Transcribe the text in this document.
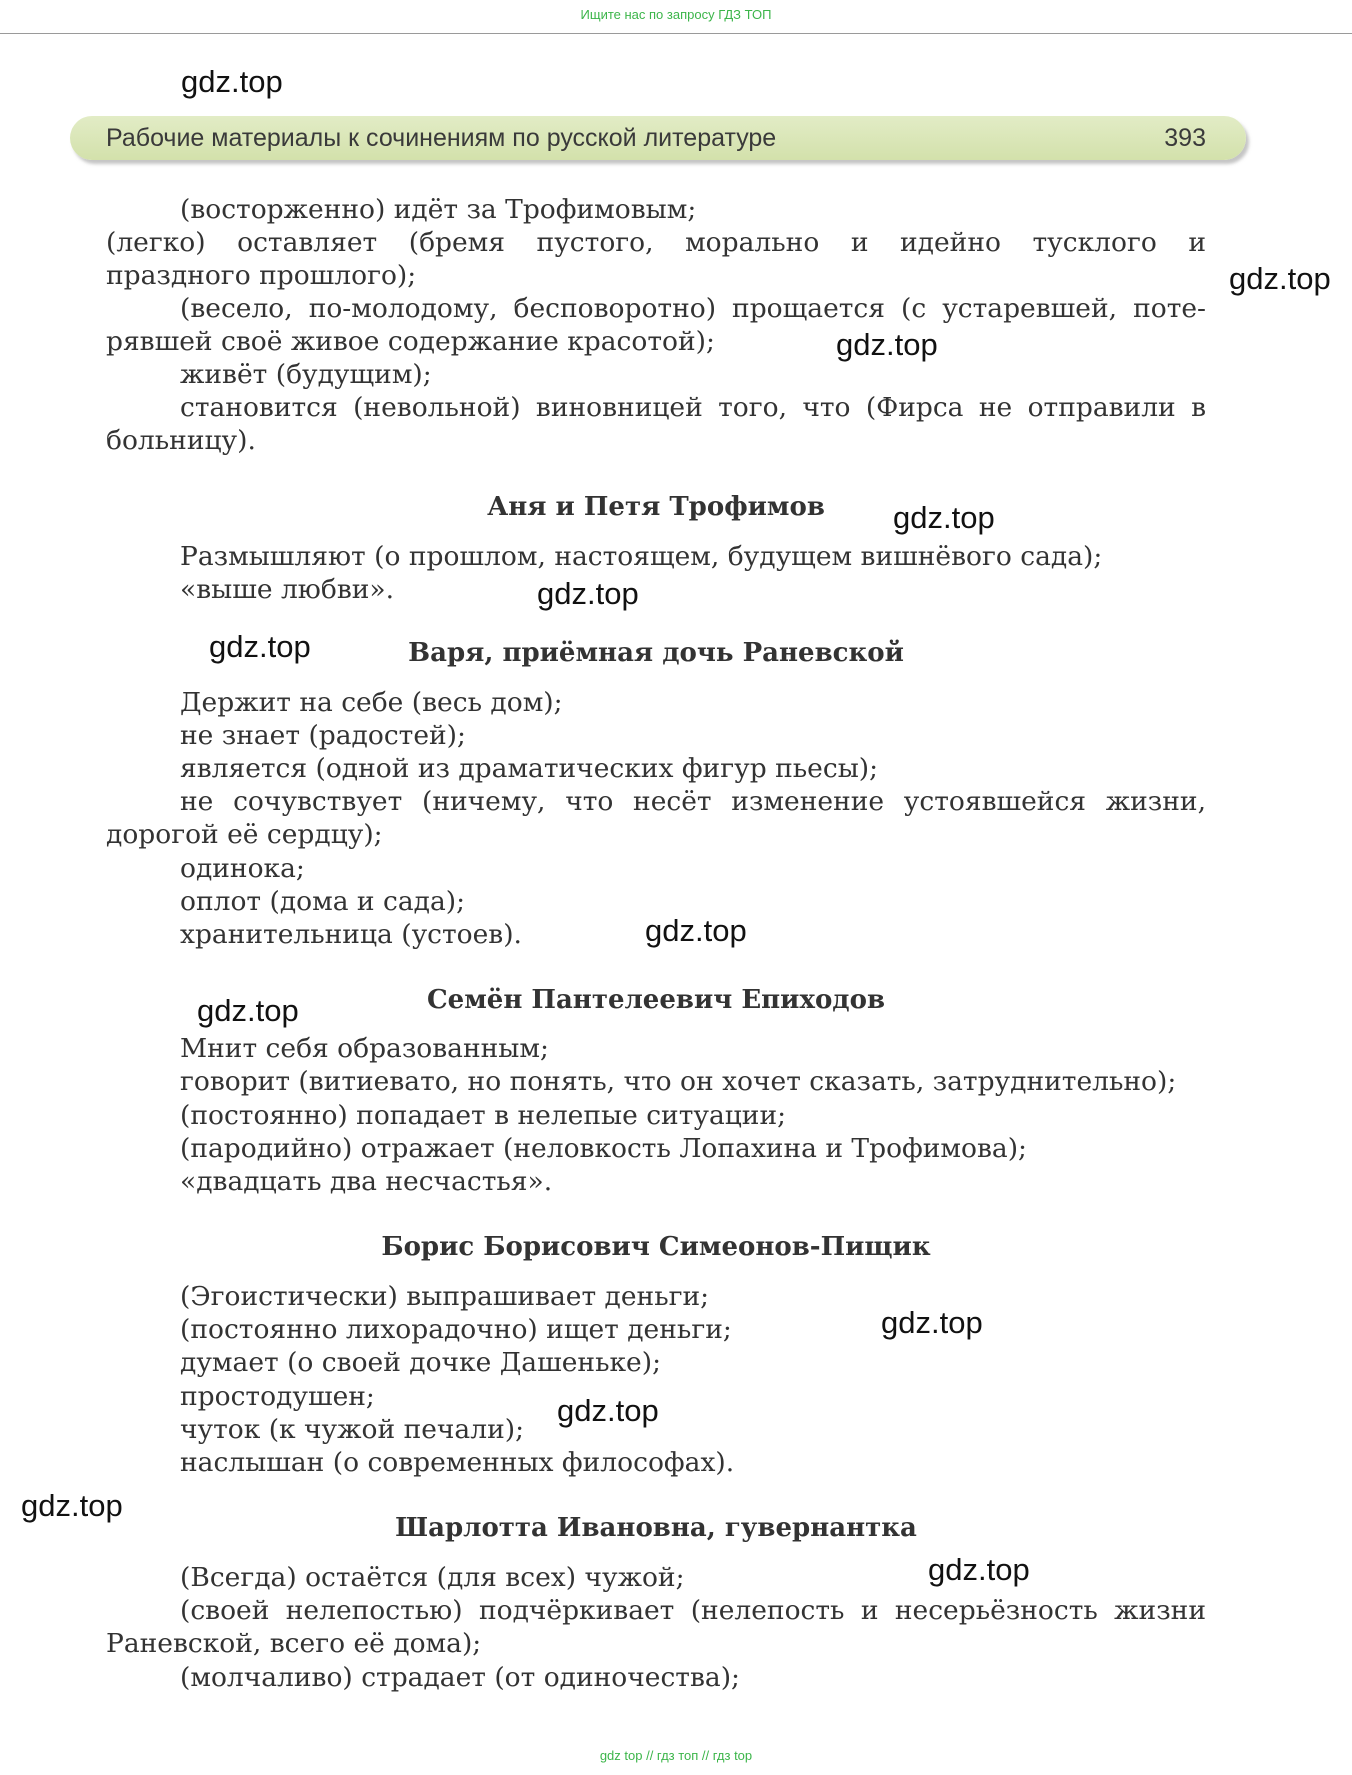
Ищите нас по запросу ГДЗ ТОП
Рабочие материалы к сочинениям по русской литературе	393
(восторженно) идёт за Трофимовым;
(легко) оставляет (бремя пустого, морально и идейно тусклого и
праздного прошлого);
(весело, по-молодому, бесповоротно) прощается (с устаревшей, поте-
рявшей своё живое содержание красотой);
живёт (будущим);
становится (невольной) виновницей того, что (Фирса не отправили в
больницу).
Аня и Петя Трофимов
Размышляют (о прошлом, настоящем, будущем вишнёвого сада);
«выше любви».
Варя, приёмная дочь Раневской
Держит на себе (весь дом);
не знает (радостей);
является (одной из драматических фигур пьесы);
не сочувствует (ничему, что несёт изменение устоявшейся жизни,
дорогой её сердцу);
одинока;
оплот (дома и сада);
хранительница (устоев).
Семён Пантелеевич Епиходов
Мнит себя образованным;
говорит (витиевато, но понять, что он хочет сказать, затруднительно);
(постоянно) попадает в нелепые ситуации;
(пародийно) отражает (неловкость Лопахина и Трофимова);
«двадцать два несчастья».
Борис Борисович Симеонов-Пищик
(Эгоистически) выпрашивает деньги;
(постоянно лихорадочно) ищет деньги;
думает (о своей дочке Дашеньке);
простодушен;
чуток (к чужой печали);
наслышан (о современных философах).
Шарлотта Ивановна, гувернантка
(Всегда) остаётся (для всех) чужой;
(своей нелепостью) подчёркивает (нелепость и несерьёзность жизни
Раневской, всего её дома);
(молчаливо) страдает (от одиночества);
gdz.top
gdz.top
gdz.top
gdz.top
gdz.top
gdz.top
gdz.top
gdz.top
gdz.top
gdz.top
gdz.top
gdz.top
gdz top // гдз топ // гдз top
